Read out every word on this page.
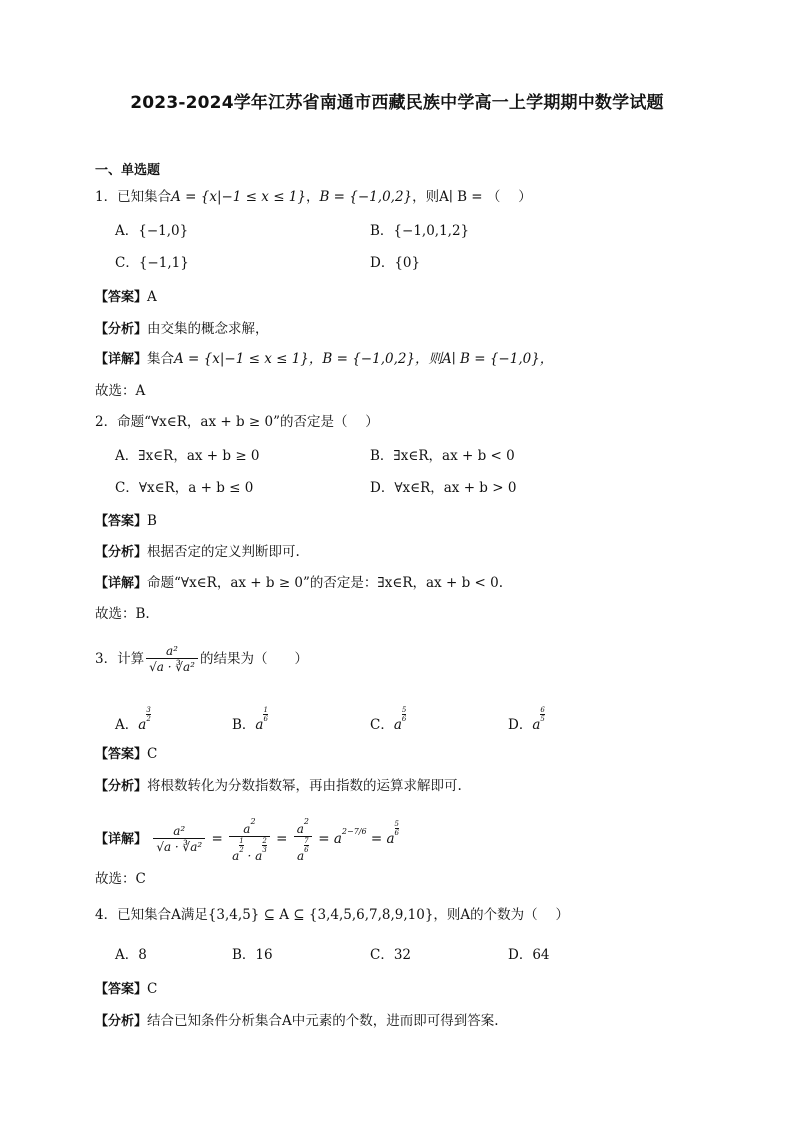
2023-2024学年江苏省南通市西藏民族中学高一上学期期中数学试题
一、单选题
1．已知集合A = {x|−1 ≤ x ≤ 1}，B = {−1,0,2}，则A∣ B = （　 ）
A．{−1,0}	B．{−1,0,1,2}
C．{−1,1}	D．{0}
【答案】A
【分析】由交集的概念求解，
【详解】集合A = {x|−1 ≤ x ≤ 1}，B = {−1,0,2}，则A∣ B = {−1,0}，
故选：A
2．命题“∀x∈R，ax + b ≥ 0”的否定是（　 ）
A．∃x∈R，ax + b ≥ 0	B．∃x∈R，ax + b < 0
C．∀x∈R，a + b ≤ 0	D．∀x∈R，ax + b > 0
【答案】B
【分析】根据否定的定义判断即可.
【详解】命题“∀x∈R，ax + b ≥ 0”的否定是：∃x∈R，ax + b < 0.
故选：B.
3．计算 $\frac{\text{a²}}{\text{√a · ∛a²}}$ 的结果为（　　）
A．a
$\frac{3}{2}$
B．a
$\frac{1}{6}$
C．a
$\frac{5}{6}$
D．a
$\frac{6}{5}$
【答案】C
【分析】将根数转化为分数指数幂，再由指数的运算求解即可.
【详解】 $\frac{\text{a²}}{\text{√a · ∛a²}} = a^2$
a
$\frac{1}{2}$
· a
$\frac{2}{3} = a^2$
a
$\frac{7}{6} = a^{2-7/6} = a$
$\frac{5}{6}$
故选：C
4．已知集合A满足{3,4,5} ⊆ A ⊆ {3,4,5,6,7,8,9,10}，则A的个数为（　 ）
A．8	B．16	C．32	D．64
【答案】C
【分析】结合已知条件分析集合A中元素的个数，进而即可得到答案.
